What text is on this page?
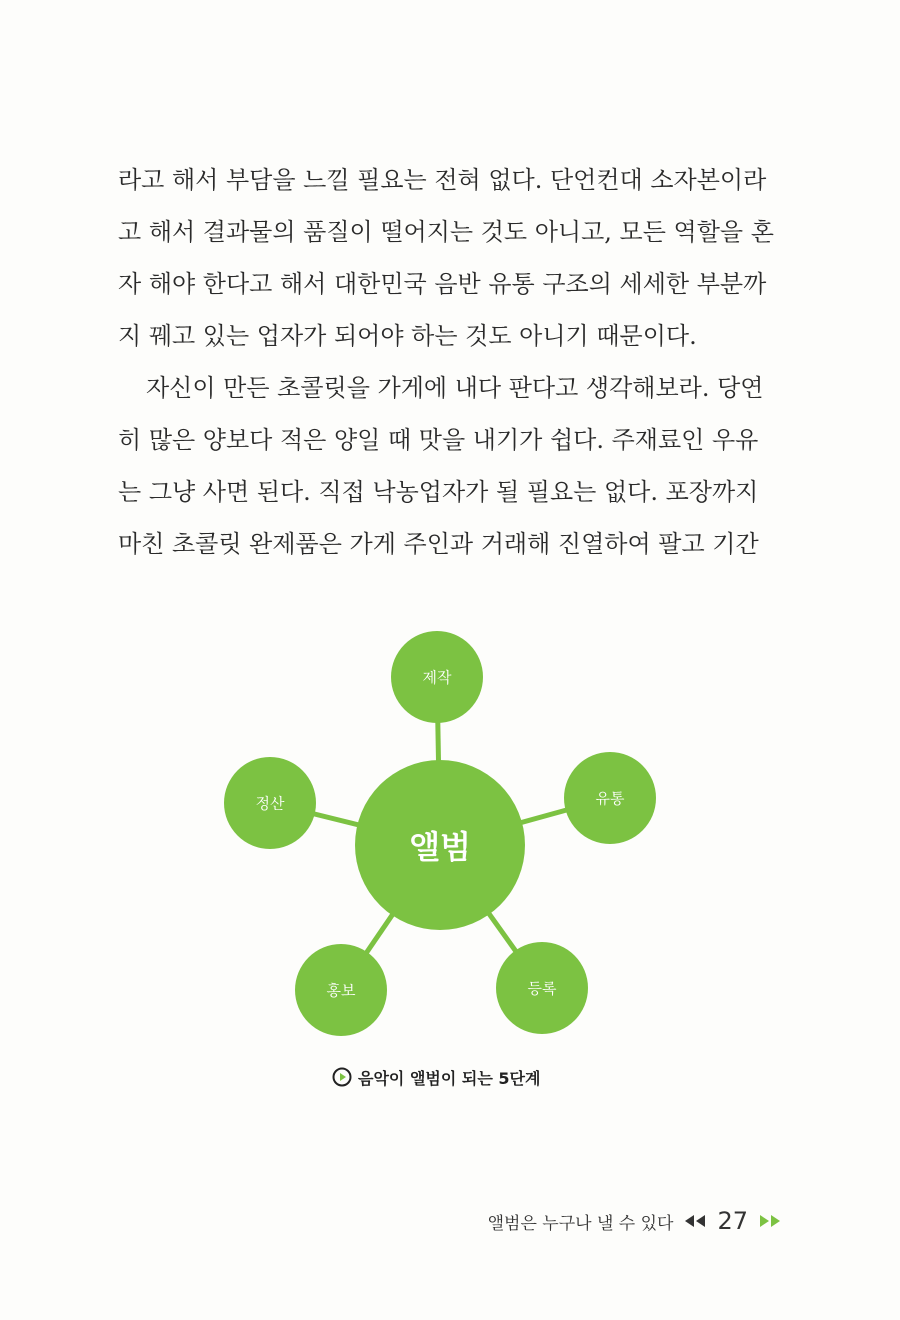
라고 해서 부담을 느낄 필요는 전혀 없다. 단언컨대 소자본이라
고 해서 결과물의 품질이 떨어지는 것도 아니고, 모든 역할을 혼
자 해야 한다고 해서 대한민국 음반 유통 구조의 세세한 부분까
지 꿰고 있는 업자가 되어야 하는 것도 아니기 때문이다.

자신이 만든 초콜릿을 가게에 내다 판다고 생각해보라. 당연
히 많은 양보다 적은 양일 때 맛을 내기가 쉽다. 주재료인 우유
는 그냥 사면 된다. 직접 낙농업자가 될 필요는 없다. 포장까지
마친 초콜릿 완제품은 가게 주인과 거래해 진열하여 팔고 기간

제작
유통
등록
홍보
정산
앨범
음악이 앨범이 되는 5단계
앨범은 누구나 낼 수 있다 27
